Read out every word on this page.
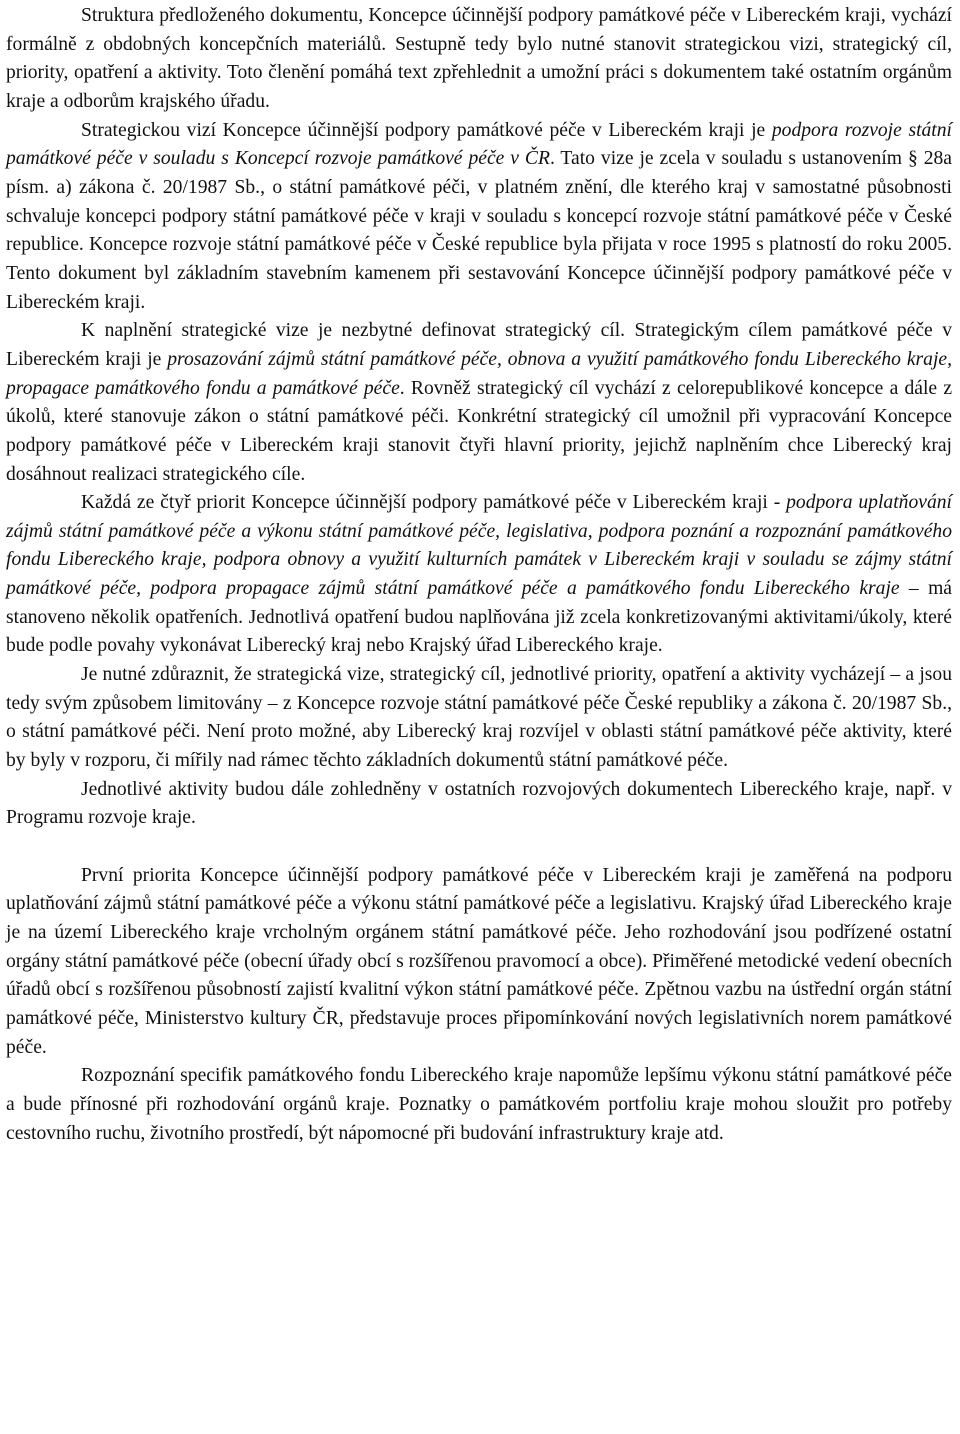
Struktura předloženého dokumentu, Koncepce účinnější podpory památkové péče v Libereckém kraji, vychází formálně z obdobných koncepčních materiálů. Sestupně tedy bylo nutné stanovit strategickou vizi, strategický cíl, priority, opatření a aktivity. Toto členění pomáhá text zpřehlednit a umožní práci s dokumentem také ostatním orgánům kraje a odborům krajského úřadu.

Strategickou vizí Koncepce účinnější podpory památkové péče v Libereckém kraji je podpora rozvoje státní památkové péče v souladu s Koncepcí rozvoje památkové péče v ČR. Tato vize je zcela v souladu s ustanovením § 28a písm. a) zákona č. 20/1987 Sb., o státní památkové péči, v platném znění, dle kterého kraj v samostatné působnosti schvaluje koncepci podpory státní památkové péče v kraji v souladu s koncepcí rozvoje státní památkové péče v České republice. Koncepce rozvoje státní památkové péče v České republice byla přijata v roce 1995 s platností do roku 2005. Tento dokument byl základním stavebním kamenem při sestavování Koncepce účinnější podpory památkové péče v Libereckém kraji.

K naplnění strategické vize je nezbytné definovat strategický cíl. Strategickým cílem památkové péče v Libereckém kraji je prosazování zájmů státní památkové péče, obnova a využití památkového fondu Libereckého kraje, propagace památkového fondu a památkové péče. Rovněž strategický cíl vychází z celorepublikové koncepce a dále z úkolů, které stanovuje zákon o státní památkové péči. Konkrétní strategický cíl umožnil při vypracování Koncepce podpory památkové péče v Libereckém kraji stanovit čtyři hlavní priority, jejichž naplněním chce Liberecký kraj dosáhnout realizaci strategického cíle.

Každá ze čtyř priorit Koncepce účinnější podpory památkové péče v Libereckém kraji - podpora uplatňování zájmů státní památkové péče a výkonu státní památkové péče, legislativa, podpora poznání a rozpoznání památkového fondu Libereckého kraje, podpora obnovy a využití kulturních památek v Libereckém kraji v souladu se zájmy státní památkové péče, podpora propagace zájmů státní památkové péče a památkového fondu Libereckého kraje – má stanoveno několik opatřeních. Jednotlivá opatření budou naplňována již zcela konkretizovanými aktivitami/úkoly, které bude podle povahy vykonávat Liberecký kraj nebo Krajský úřad Libereckého kraje.

Je nutné zdůraznit, že strategická vize, strategický cíl, jednotlivé priority, opatření a aktivity vycházejí – a jsou tedy svým způsobem limitovány – z Koncepce rozvoje státní památkové péče České republiky a zákona č. 20/1987 Sb., o státní památkové péči. Není proto možné, aby Liberecký kraj rozvíjel v oblasti státní památkové péče aktivity, které by byly v rozporu, či mířily nad rámec těchto základních dokumentů státní památkové péče.

Jednotlivé aktivity budou dále zohledněny v ostatních rozvojových dokumentech Libereckého kraje, např. v Programu rozvoje kraje.

První priorita Koncepce účinnější podpory památkové péče v Libereckém kraji je zaměřená na podporu uplatňování zájmů státní památkové péče a výkonu státní památkové péče a legislativu. Krajský úřad Libereckého kraje je na území Libereckého kraje vrcholným orgánem státní památkové péče. Jeho rozhodování jsou podřízené ostatní orgány státní památkové péče (obecní úřady obcí s rozšířenou pravomocí a obce). Přiměřené metodické vedení obecních úřadů obcí s rozšířenou působností zajistí kvalitní výkon státní památkové péče. Zpětnou vazbu na ústřední orgán státní památkové péče, Ministerstvo kultury ČR, představuje proces připomínkování nových legislativních norem památkové péče.

Rozpoznání specifik památkového fondu Libereckého kraje napomůže lepšímu výkonu státní památkové péče a bude přínosné při rozhodování orgánů kraje. Poznatky o památkovém portfoliu kraje mohou sloužit pro potřeby cestovního ruchu, životního prostředí, být nápomocné při budování infrastruktury kraje atd.
